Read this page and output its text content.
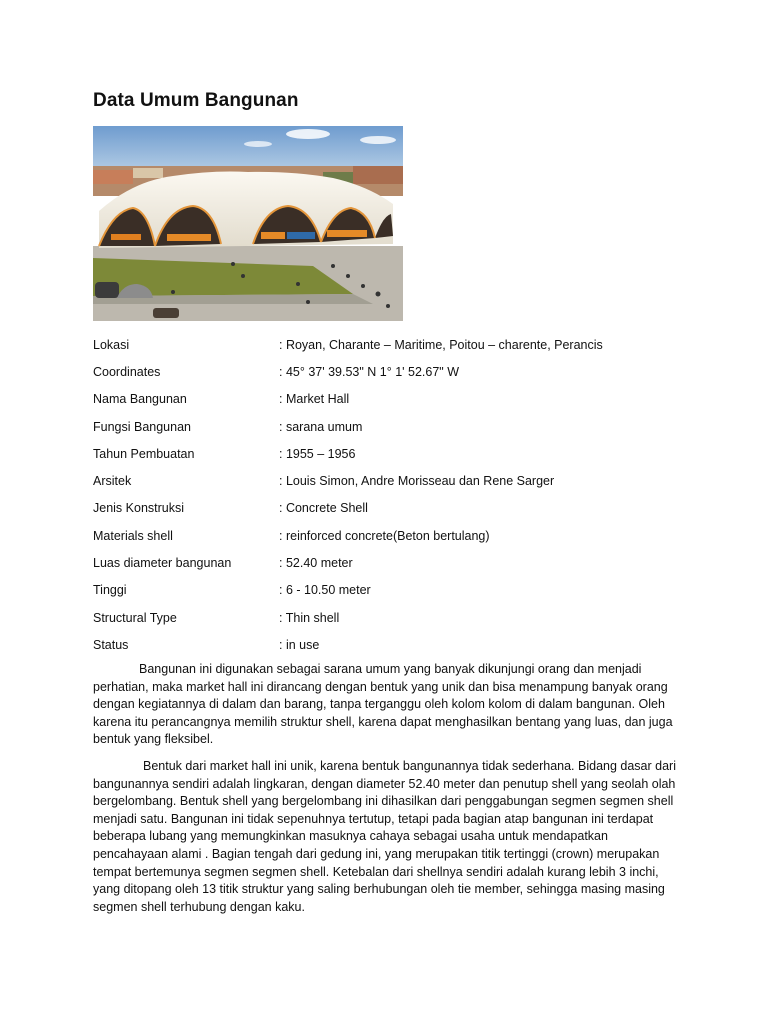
Data Umum Bangunan
Lokasi	: Royan, Charante – Maritime, Poitou – charente, Perancis
Coordinates	: 45° 37' 39.53" N 1° 1' 52.67" W
Nama Bangunan	: Market Hall
Fungsi Bangunan	: sarana umum
Tahun Pembuatan	: 1955 – 1956
Arsitek	: Louis Simon, Andre Morisseau dan Rene Sarger
Jenis Konstruksi	: Concrete Shell
Materials shell	: reinforced concrete(Beton bertulang)
Luas diameter bangunan	: 52.40 meter
Tinggi	: 6 - 10.50 meter
Structural Type	: Thin shell
Status	: in use

Bangunan ini digunakan sebagai sarana umum yang banyak dikunjungi orang dan menjadi perhatian, maka market hall ini dirancang dengan bentuk yang unik dan bisa menampung banyak orang dengan kegiatannya di dalam dan barang, tanpa terganggu oleh kolom kolom di dalam bangunan. Oleh karena itu perancangnya memilih struktur shell, karena dapat menghasilkan bentang yang luas, dan juga bentuk yang fleksibel.

Bentuk dari market hall ini unik, karena bentuk bangunannya tidak sederhana. Bidang dasar dari bangunannya sendiri adalah lingkaran, dengan diameter 52.40 meter dan penutup shell yang seolah olah bergelombang. Bentuk shell yang bergelombang ini dihasilkan dari penggabungan segmen segmen shell menjadi satu. Bangunan ini tidak sepenuhnya tertutup, tetapi pada bagian atap bangunan ini terdapat beberapa lubang yang memungkinkan masuknya cahaya sebagai usaha untuk mendapatkan pencahayaan alami . Bagian tengah dari gedung ini, yang merupakan titik tertinggi (crown) merupakan tempat bertemunya segmen segmen shell. Ketebalan dari shellnya sendiri adalah kurang lebih 3 inchi, yang ditopang oleh 13 titik struktur yang saling berhubungan oleh tie member, sehingga masing masing segmen shell terhubung dengan kaku.
